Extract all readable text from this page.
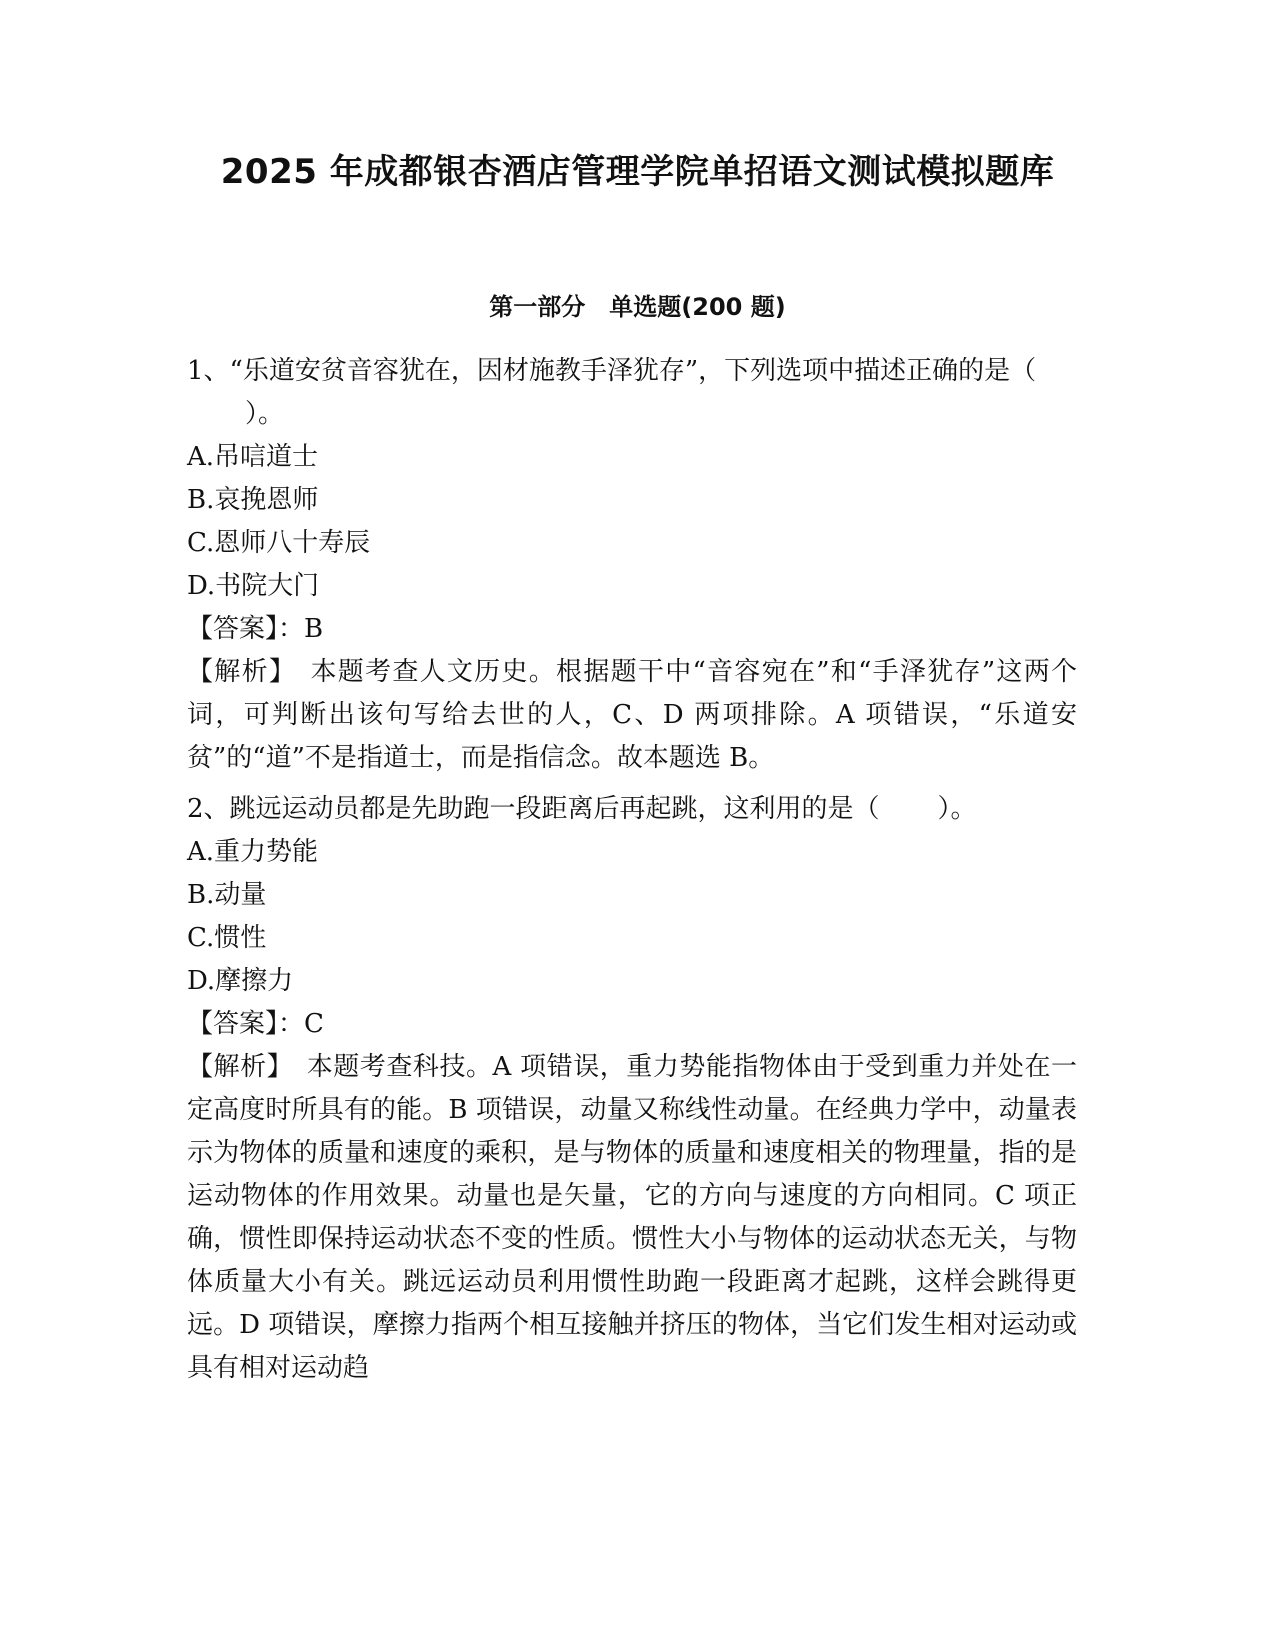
2025 年成都银杏酒店管理学院单招语文测试模拟题库
第一部分　单选题(200 题)

1、“乐道安贫音容犹在，因材施教手泽犹存”，下列选项中描述正确的是（）。

A.吊唁道士
B.哀挽恩师
C.恩师八十寿辰
D.书院大门
【答案】：B
【解析】　本题考查人文历史。根据题干中“音容宛在”和“手泽犹存”这两个词，可判断出该句写给去世的人，C、D 两项排除。A 项错误，“乐道安贫”的“道”不是指道士，而是指信念。故本题选 B。

2、跳远运动员都是先助跑一段距离后再起跳，这利用的是（ ）。

A.重力势能
B.动量
C.惯性
D.摩擦力
【答案】：C
【解析】　本题考查科技。A 项错误，重力势能指物体由于受到重力并处在一定高度时所具有的能。B 项错误，动量又称线性动量。在经典力学中，动量表示为物体的质量和速度的乘积，是与物体的质量和速度相关的物理量，指的是运动物体的作用效果。动量也是矢量，它的方向与速度的方向相同。C 项正确，惯性即保持运动状态不变的性质。惯性大小与物体的运动状态无关，与物体质量大小有关。跳远运动员利用惯性助跑一段距离才起跳，这样会跳得更远。D 项错误，摩擦力指两个相互接触并挤压的物体，当它们发生相对运动或具有相对运动趋
